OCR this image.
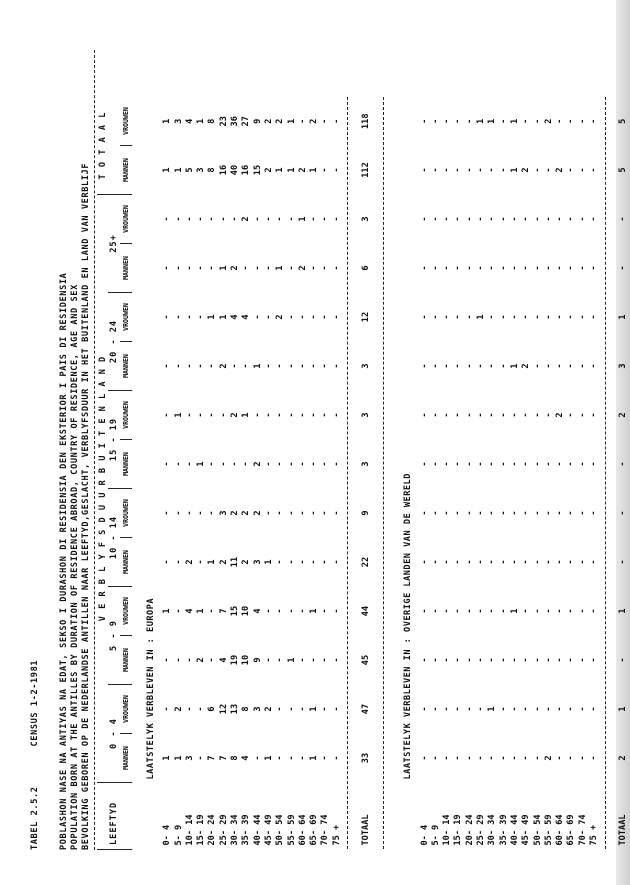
TABEL 2.5.2
CENSUS 1-2-1981 POBLASHON NASE NA ANTIYAS NA EDAT, SEKSO I DURASHON DI RESIDENSIA DEN EKSTERIOR I PAIS DI RESIDENSIA POPULATION BORN AT THE ANTILLES BY DURATION OF RESIDENCE ABROAD, COUNTRY OF RESIDENCE, AGE AND SEX BEVOLKING GEBOREN OP DE NEDERLANDSE ANTILLEN NAAR LEEFTYD,GESLACHT, VERBLYFSDUUR IN HET BUITENLAND EN LAND VAN VERBLIJF
	V E R B L Y F S D U U R B U I T E N L A N D												T O T A A L	
LEEFTYD	0 - 4		5 - 9		10 - 14		15 - 19		20 - 24		25+			
	MANNEN	VROUWEN	MANNEN	VROUWEN	MANNEN	VROUWEN	MANNEN	VROUWEN	MANNEN	VROUWEN	MANNEN	VROUWEN	MANNEN	VROUWEN
LAATSTELYK VERBLEVEN IN : EUROPA														

0- 4	1	-	-	1	-	-	-	-	-	-	-	-	1	1
5- 9	1	2	-	-	-	-	-	1	-	-	-	-	1	3
10- 14	3	-	-	4	2	-	-	-	-	-	-	-	5	4
15- 19	-	-	2	1	-	-	1	-	-	-	-	-	3	1
20- 24	7	6	-	-	1	-	-	-	-	1	-	-	8	8
25- 29	7	12	4	7	2	3	-	-	2	1	1	-	16	23
30- 34	8	13	19	15	11	2	-	2	-	4	2	-	40	36
35- 39	4	8	10	10	2	2	-	1	-	4	-	2	16	27
40- 44	-	3	9	4	3	2	2	-	1	-	-	-	15	9
45- 49	1	2	-	-	1	-	-	-	-	-	-	-	2	2
50- 54	-	-	-	-	-	-	-	-	-	2	1	-	1	2
55- 59	-	-	1	-	-	-	-	-	-	-	-	-	1	1
60- 64	-	-	-	-	-	-	-	-	-	-	2	1	2	-
65- 69	1	1	-	1	-	-	-	-	-	-	-	-	1	2
70- 74	-	-	-	-	-	-	-	-	-	-	-	-	-	-
75 +	-	-	-	-	-	-	-	-	-	-	-	-	-	-

TOTAAL	33	47	45	44	22	9	3	3	3	12	6	3	112	118

LAATSTELYK VERBLEVEN IN : OVERIGE LANDEN VAN DE WERELD														

0- 4	-	-	-	-	-	-	-	-	-	-	-	-	-	-
5- 9	-	-	-	-	-	-	-	-	-	-	-	-	-	-
10- 14	-	-	-	-	-	-	-	-	-	-	-	-	-	-
15- 19	-	-	-	-	-	-	-	-	-	-	-	-	-	-
20- 24	-	-	-	-	-	-	-	-	-	-	-	-	-	-
25- 29	-	-	-	-	-	-	-	-	-	1	-	-	-	1
30- 34	-	1	-	-	-	-	-	-	-	-	-	-	-	1
35- 39	-	-	-	-	-	-	-	-	-	-	-	-	-	-
40- 44	-	-	-	1	-	-	-	-	1	-	-	-	1	1
45- 49	-	-	-	-	-	-	-	-	2	-	-	-	2	-
50- 54	-	-	-	-	-	-	-	-	-	-	-	-	-	-
55- 59	2	-	-	-	-	-	-	-	-	-	-	-	-	2
60- 64	-	-	-	-	-	-	-	2	-	-	-	-	2	-
65- 69	-	-	-	-	-	-	-	-	-	-	-	-	-	-
70- 74	-	-	-	-	-	-	-	-	-	-	-	-	-	-
75 +	-	-	-	-	-	-	-	-	-	-	-	-	-	-

TOTAAL	2	1	-	1	-	-	-	2	3	1	-	-	5	5
